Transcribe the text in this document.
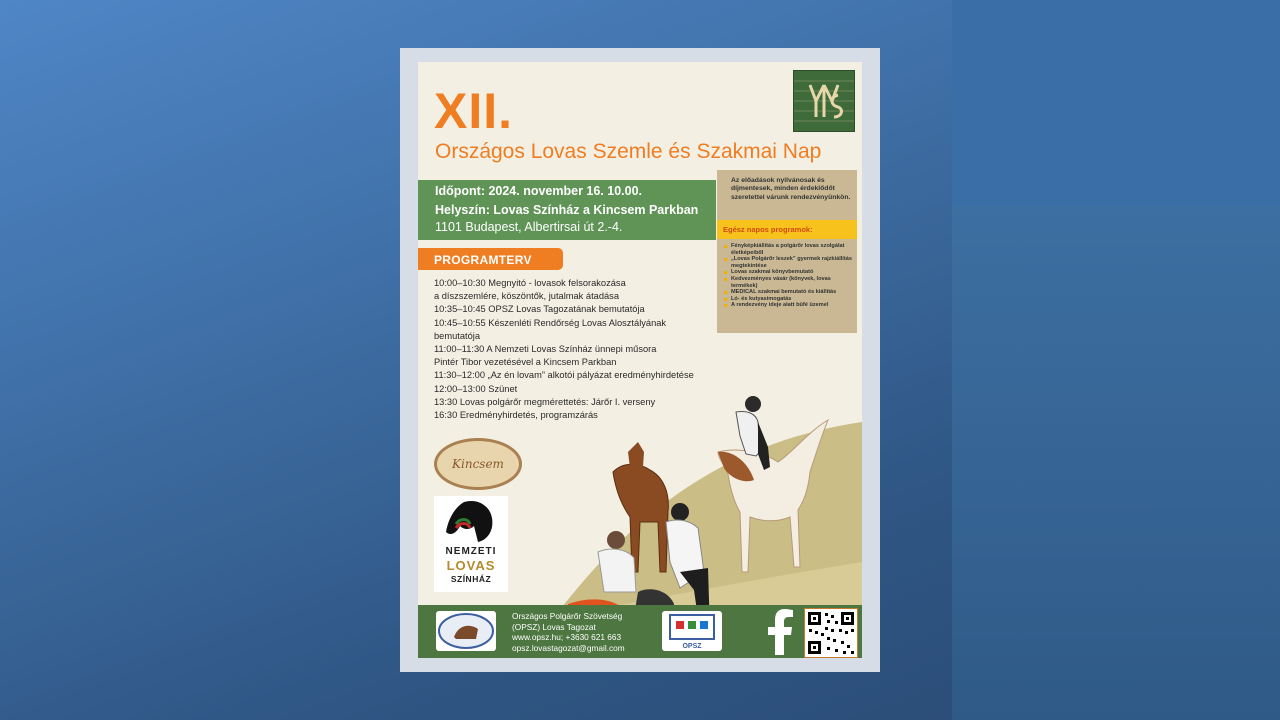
XII.
Országos Lovas Szemle és Szakmai Nap
Időpont: 2024. november 16. 10.00.
Helyszín: Lovas Színház a Kincsem Parkban
1101 Budapest, Albertirsai út 2.-4.
Az előadások nyilvánosak és díjmentesek, minden érdeklődőt szeretettel várunk rendezvényünkön.
Egész napos programok:
Fényképkiállítás a polgárőr lovas szolgálat életképeiből
„Lovas Polgárőr leszek” gyermek rajzkiállítás megtekintése
Lovas szakmai könyvbemutató
Kedvezményes vásár (könyvek, lovas termékek)
MEDICAL szakmai bemutató és kiállítás
Ló- és kutyasimogatás
A rendezvény ideje alatt büfé üzemel
PROGRAMTERV
10:00–10:30 Megnyitó - lovasok felsorakozása
a díszszemlére, köszöntők, jutalmak átadása
10:35–10:45 OPSZ Lovas Tagozatának bemutatója
10:45–10:55 Készenléti Rendőrség Lovas Alosztályának
bemutatója
11:00–11:30 A Nemzeti Lovas Színház ünnepi műsora
Pintér Tibor vezetésével a Kincsem Parkban
11:30–12:00 „Az én lovam” alkotói pályázat eredményhirdetése
12:00–13:00 Szünet
13:30 Lovas polgárőr megmérettetés: Járőr I. verseny
16:30 Eredményhirdetés, programzárás
Kincsem
NEMZETI
LOVAS
SZÍNHÁZ
Országos Polgárőr Szövetség
(OPSZ) Lovas Tagozat
www.opsz.hu; +3630 621 663
opsz.lovastagozat@gmail.com	OPSZ
